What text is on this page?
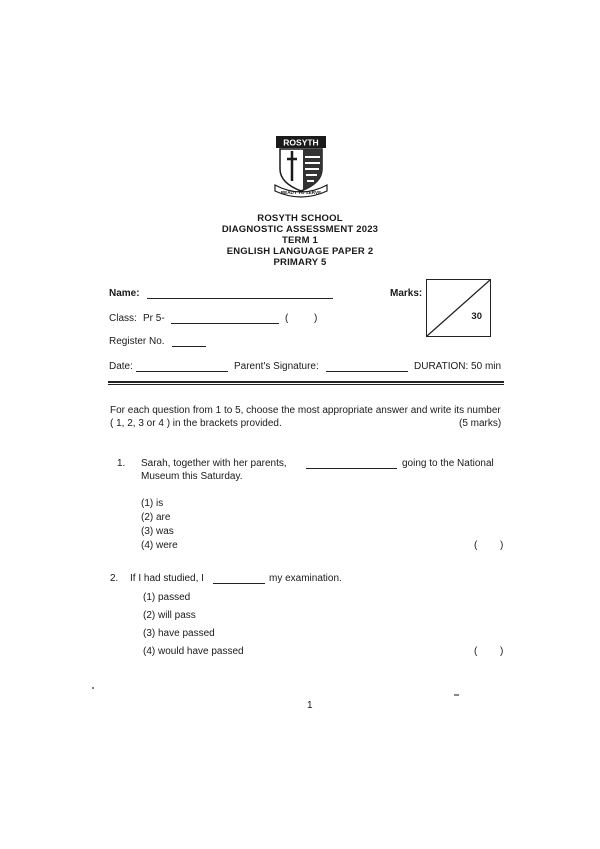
ROSYTH
READY TO SERVE
ROSYTH SCHOOL
DIAGNOSTIC ASSESSMENT 2023
TERM 1
ENGLISH LANGUAGE PAPER 2
PRIMARY 5
Name:	Marks:
30
Class: Pr 5-	(	)
Register No.
Date:	Parent's Signature:	DURATION: 50 min
For each question from 1 to 5, choose the most appropriate answer and write its number
( 1, 2, 3 or 4 ) in the brackets provided.	(5 marks)
1. Sarah, together with her parents,	going to the National
Museum this Saturday.
(1) is
(2) are
(3) was
(4) were	( )
2. If I had studied, I	my examination.
(1) passed
(2) will pass
(3) have passed
(4) would have passed	( )
1
